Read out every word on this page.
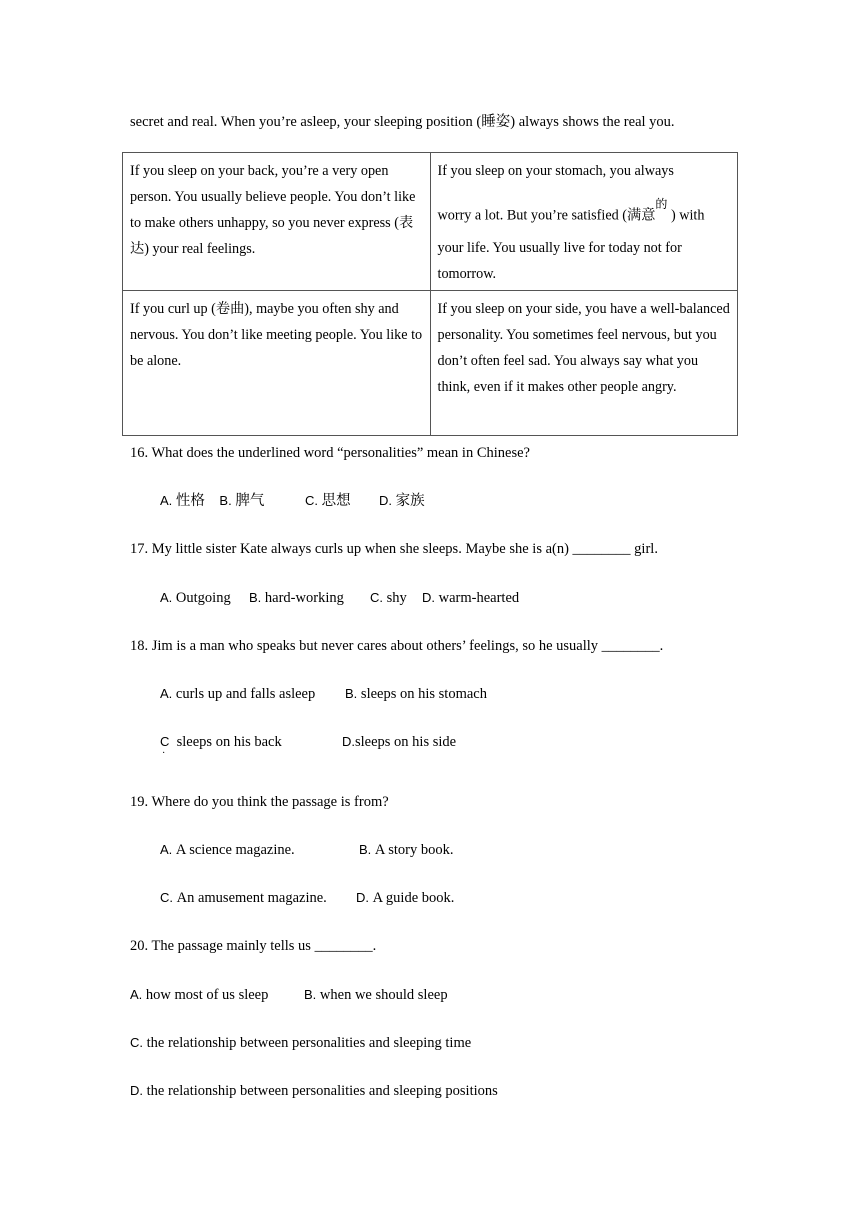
secret and real. When you’re asleep, your sleeping position (睡姿) always shows the real you.

If you sleep on your back, you’re a very open person. You usually believe people. You don’t like to make others unhappy, so you never express (表达) your real feelings.	If you sleep on your stomach, you always

worry a lot. But you’re satisfied (满意$^的$ ) with

your life. You usually live for today not for

tomorrow.

If you curl up (卷曲), maybe you often shy and nervous. You don’t like meeting people. You like to be alone.	If you sleep on your side, you have a well-balanced personality. You sometimes feel nervous, but you don’t often feel sad. You always say what you think, even if it makes other people angry.

16. What does the underlined word “personalities” mean in Chinese?
A. 性格 B. 脾气	C. 思想 D. 家族
17. My little sister Kate always curls up when she sleeps. Maybe she is a(n) ________ girl.
A. Outgoing B. hard-working C. shy D. warm-hearted
18. Jim is a man who speaks but never cares about others’ feelings, so he usually ________.
A. curls up and falls asleep B. sleeps on his stomach
C sleeps on his back
·
D.sleeps on his side
19. Where do you think the passage is from?
A. A science magazine.	B. A story book.
C. An amusement magazine. D. A guide book.
20. The passage mainly tells us ________.
A. how most of us sleep	B. when we should sleep
C. the relationship between personalities and sleeping time
D. the relationship between personalities and sleeping positions
